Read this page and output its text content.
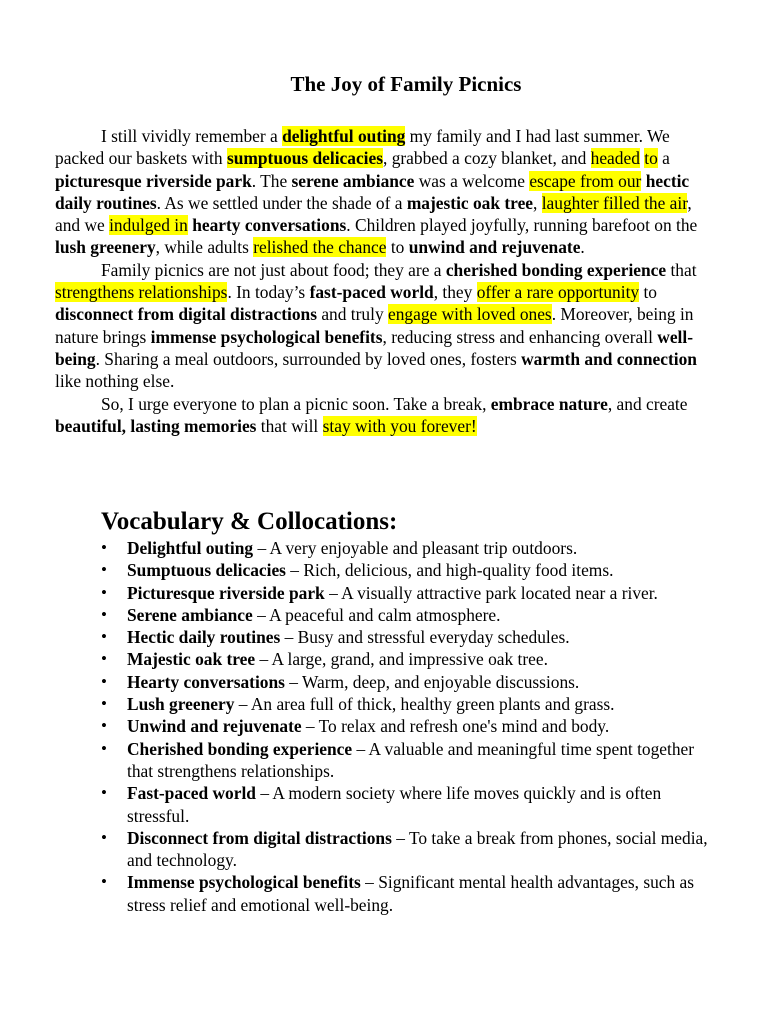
The Joy of Family Picnics

I still vividly remember a delightful outing my family and I had last summer. We packed our baskets with sumptuous delicacies, grabbed a cozy blanket, and headed to a picturesque riverside park. The serene ambiance was a welcome escape from our hectic daily routines. As we settled under the shade of a majestic oak tree, laughter filled the air, and we indulged in hearty conversations. Children played joyfully, running barefoot on the lush greenery, while adults relished the chance to unwind and rejuvenate.

Family picnics are not just about food; they are a cherished bonding experience that strengthens relationships. In today’s fast-paced world, they offer a rare opportunity to disconnect from digital distractions and truly engage with loved ones. Moreover, being in nature brings immense psychological benefits, reducing stress and enhancing overall well-being. Sharing a meal outdoors, surrounded by loved ones, fosters warmth and connection like nothing else.

So, I urge everyone to plan a picnic soon. Take a break, embrace nature, and create beautiful, lasting memories that will stay with you forever!

Vocabulary & Collocations:
•	Delightful outing – A very enjoyable and pleasant trip outdoors.
•	Sumptuous delicacies – Rich, delicious, and high-quality food items.
•	Picturesque riverside park – A visually attractive park located near a river.
•	Serene ambiance – A peaceful and calm atmosphere.
•	Hectic daily routines – Busy and stressful everyday schedules.
•	Majestic oak tree – A large, grand, and impressive oak tree.
•	Hearty conversations – Warm, deep, and enjoyable discussions.
•	Lush greenery – An area full of thick, healthy green plants and grass.
•	Unwind and rejuvenate – To relax and refresh one's mind and body.
•	Cherished bonding experience – A valuable and meaningful time spent together that strengthens relationships.
•	Fast-paced world – A modern society where life moves quickly and is often stressful.
•	Disconnect from digital distractions – To take a break from phones, social media, and technology.
•	Immense psychological benefits – Significant mental health advantages, such as stress relief and emotional well-being.
